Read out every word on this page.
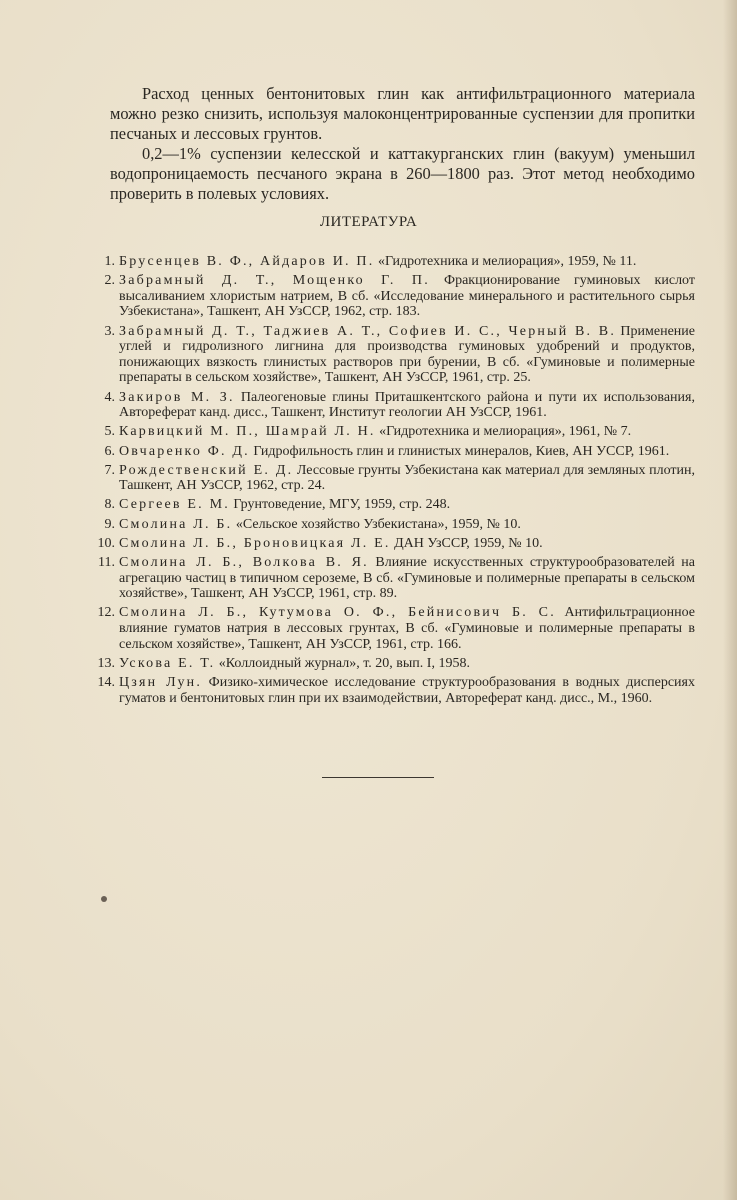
Расход ценных бентонитовых глин как антифильтрационного материала можно резко снизить, используя малоконцентрированные суспензии для пропитки песчаных и лессовых грунтов.

0,2—1% суспензии келесской и каттакурганских глин (вакуум) уменьшил водопроницаемость песчаного экрана в 260—1800 раз. Этот метод необходимо проверить в полевых условиях.

ЛИТЕРАТУРА
1. Брусенцев В. Ф., Айдаров И. П. «Гидротехника и мелиорация», 1959, № 11.
2. Забрамный Д. Т., Мощенко Г. П. Фракционирование гуминовых кислот высаливанием хлористым натрием, В сб. «Исследование минерального и растительного сырья Узбекистана», Ташкент, АН УзССР, 1962, стр. 183.
3. Забрамный Д. Т., Таджиев А. Т., Софиев И. С., Черный В. В. Применение углей и гидролизного лигнина для производства гуминовых удобрений и продуктов, понижающих вязкость глинистых растворов при бурении, В сб. «Гуминовые и полимерные препараты в сельском хозяйстве», Ташкент, АН УзССР, 1961, стр. 25.
4. Закиров М. З. Палеогеновые глины Приташкентского района и пути их использования, Автореферат канд. дисс., Ташкент, Институт геологии АН УзССР, 1961.
5. Карвицкий М. П., Шамрай Л. Н. «Гидротехника и мелиорация», 1961, № 7.
6. Овчаренко Ф. Д. Гидрофильность глин и глинистых минералов, Киев, АН УССР, 1961.
7. Рождественский Е. Д. Лессовые грунты Узбекистана как материал для земляных плотин, Ташкент, АН УзССР, 1962, стр. 24.
8. Сергеев Е. М. Грунтоведение, МГУ, 1959, стр. 248.
9. Смолина Л. Б. «Сельское хозяйство Узбекистана», 1959, № 10.
10. Смолина Л. Б., Броновицкая Л. Е. ДАН УзССР, 1959, № 10.
11. Смолина Л. Б., Волкова В. Я. Влияние искусственных структурообразователей на агрегацию частиц в типичном сероземе, В сб. «Гуминовые и полимерные препараты в сельском хозяйстве», Ташкент, АН УзССР, 1961, стр. 89.
12. Смолина Л. Б., Кутумова О. Ф., Бейнисович Б. С. Антифильтрационное влияние гуматов натрия в лессовых грунтах, В сб. «Гуминовые и полимерные препараты в сельском хозяйстве», Ташкент, АН УзССР, 1961, стр. 166.
13. Ускова Е. Т. «Коллоидный журнал», т. 20, вып. I, 1958.
14. Цзян Лун. Физико-химическое исследование структурообразования в водных дисперсиях гуматов и бентонитовых глин при их взаимодействии, Автореферат канд. дисс., М., 1960.
